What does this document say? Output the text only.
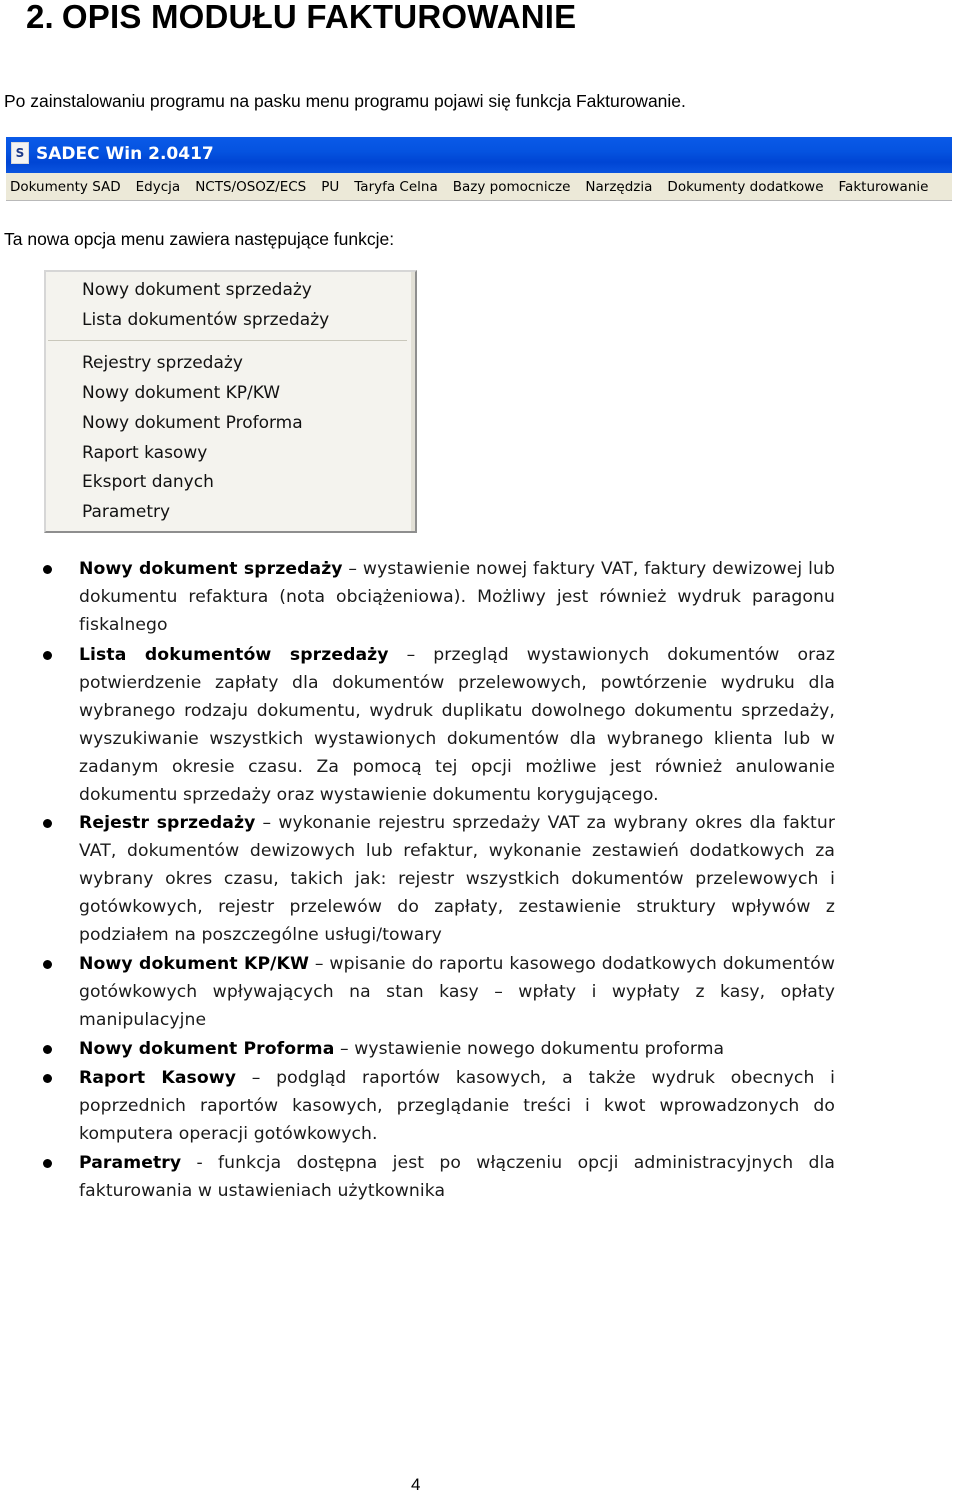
2. OPIS MODUŁU FAKTUROWANIE
Po zainstalowaniu programu na pasku menu programu pojawi się funkcja Fakturowanie.
S SADEC Win 2.0417
Dokumenty SAD Edycja NCTS/OSOZ/ECS PU Taryfa Celna Bazy pomocnicze Narzędzia Dokumenty dodatkowe Fakturowanie
Ta nowa opcja menu zawiera następujące funkcje:
Nowy dokument sprzedaży
Lista dokumentów sprzedaży
Rejestry sprzedaży
Nowy dokument KP/KW
Nowy dokument Proforma
Raport kasowy
Eksport danych
Parametry
Nowy dokument sprzedaży – wystawienie nowej faktury VAT, faktury dewizowej lub dokumentu refaktura (nota obciążeniowa). Możliwy jest również wydruk paragonu fiskalnego
Lista dokumentów sprzedaży – przegląd wystawionych dokumentów oraz potwierdzenie zapłaty dla dokumentów przelewowych, powtórzenie wydruku dla wybranego rodzaju dokumentu, wydruk duplikatu dowolnego dokumentu sprzedaży, wyszukiwanie wszystkich wystawionych dokumentów dla wybranego klienta lub w zadanym okresie czasu. Za pomocą tej opcji możliwe jest również anulowanie dokumentu sprzedaży oraz wystawienie dokumentu korygującego.
Rejestr sprzedaży – wykonanie rejestru sprzedaży VAT za wybrany okres dla faktur VAT, dokumentów dewizowych lub refaktur, wykonanie zestawień dodatkowych za wybrany okres czasu, takich jak: rejestr wszystkich dokumentów przelewowych i gotówkowych, rejestr przelewów do zapłaty, zestawienie struktury wpływów z podziałem na poszczególne usługi/towary
Nowy dokument KP/KW – wpisanie do raportu kasowego dodatkowych dokumentów gotówkowych wpływających na stan kasy – wpłaty i wypłaty z kasy, opłaty manipulacyjne
Nowy dokument Proforma – wystawienie nowego dokumentu proforma
Raport Kasowy – podgląd raportów kasowych, a także wydruk obecnych i poprzednich raportów kasowych, przeglądanie treści i kwot wprowadzonych do komputera operacji gotówkowych.
Parametry - funkcja dostępna jest po włączeniu opcji administracyjnych dla fakturowania w ustawieniach użytkownika
4
